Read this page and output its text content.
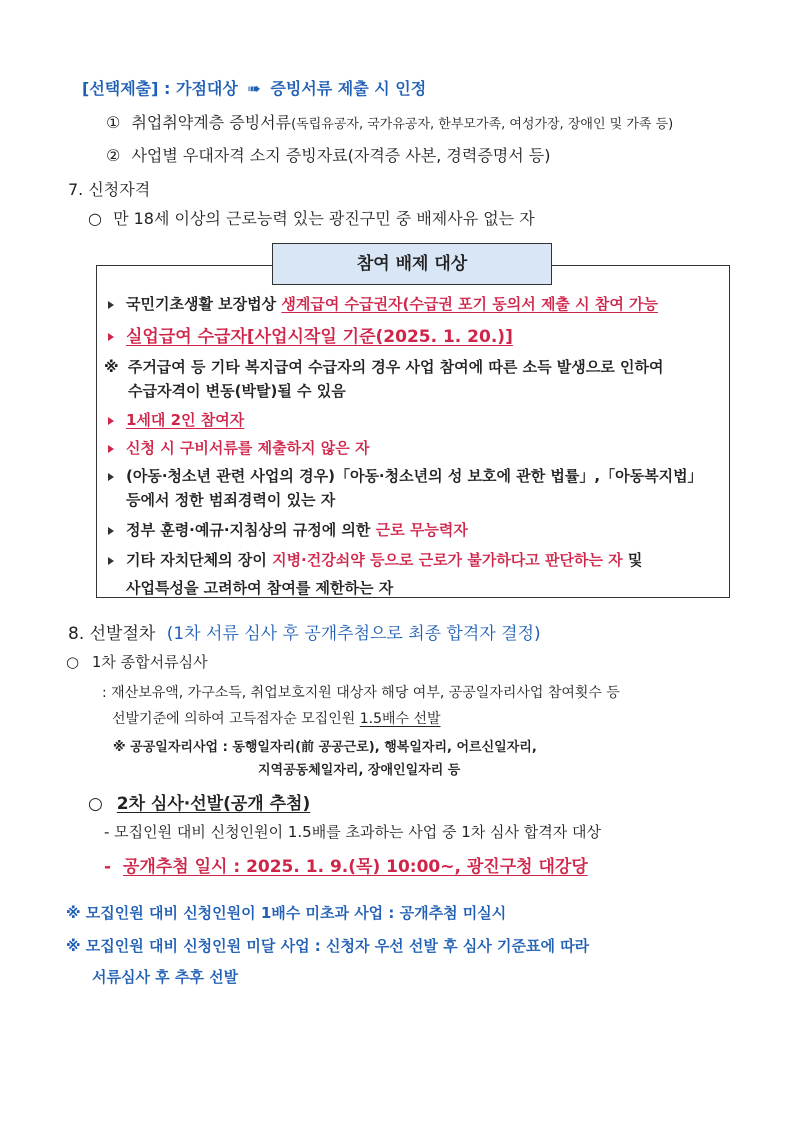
[선택제출] : 가점대상 ➠ 증빙서류 제출 시 인정
① 취업취약계층 증빙서류(독립유공자, 국가유공자, 한부모가족, 여성가장, 장애인 및 가족 등)
② 사업별 우대자격 소지 증빙자료(자격증 사본, 경력증명서 등)
7. 신청자격
○ 만 18세 이상의 근로능력 있는 광진구민 중 배제사유 없는 자
참여 배제 대상
국민기초생활 보장법상 생계급여 수급권자(수급권 포기 동의서 제출 시 참여 가능
실업급여 수급자[사업시작일 기준(2025. 1. 20.)]
※ 주거급여 등 기타 복지급여 수급자의 경우 사업 참여에 따른 소득 발생으로 인하여
수급자격이 변동(박탈)될 수 있음
1세대 2인 참여자
신청 시 구비서류를 제출하지 않은 자
(아동·청소년 관련 사업의 경우)「아동·청소년의 성 보호에 관한 법률」,「아동복지법」
등에서 정한 범죄경력이 있는 자
정부 훈령·예규·지침상의 규정에 의한 근로 무능력자
기타 자치단체의 장이 지병·건강쇠약 등으로 근로가 불가하다고 판단하는 자 및
사업특성을 고려하여 참여를 제한하는 자
8. 선발절차 (1차 서류 심사 후 공개추첨으로 최종 합격자 결정)
○ 1차 종합서류심사
: 재산보유액, 가구소득, 취업보호지원 대상자 해당 여부, 공공일자리사업 참여횟수 등
선발기준에 의하여 고득점자순 모집인원 1.5배수 선발
※ 공공일자리사업 : 동행일자리(前 공공근로), 행복일자리, 어르신일자리,
지역공동체일자리, 장애인일자리 등
○ 2차 심사·선발(공개 추첨)
- 모집인원 대비 신청인원이 1.5배를 초과하는 사업 중 1차 심사 합격자 대상
- 공개추첨 일시 : 2025. 1. 9.(목) 10:00~, 광진구청 대강당
※ 모집인원 대비 신청인원이 1배수 미초과 사업 : 공개추첨 미실시
※ 모집인원 대비 신청인원 미달 사업 : 신청자 우선 선발 후 심사 기준표에 따라
서류심사 후 추후 선발
